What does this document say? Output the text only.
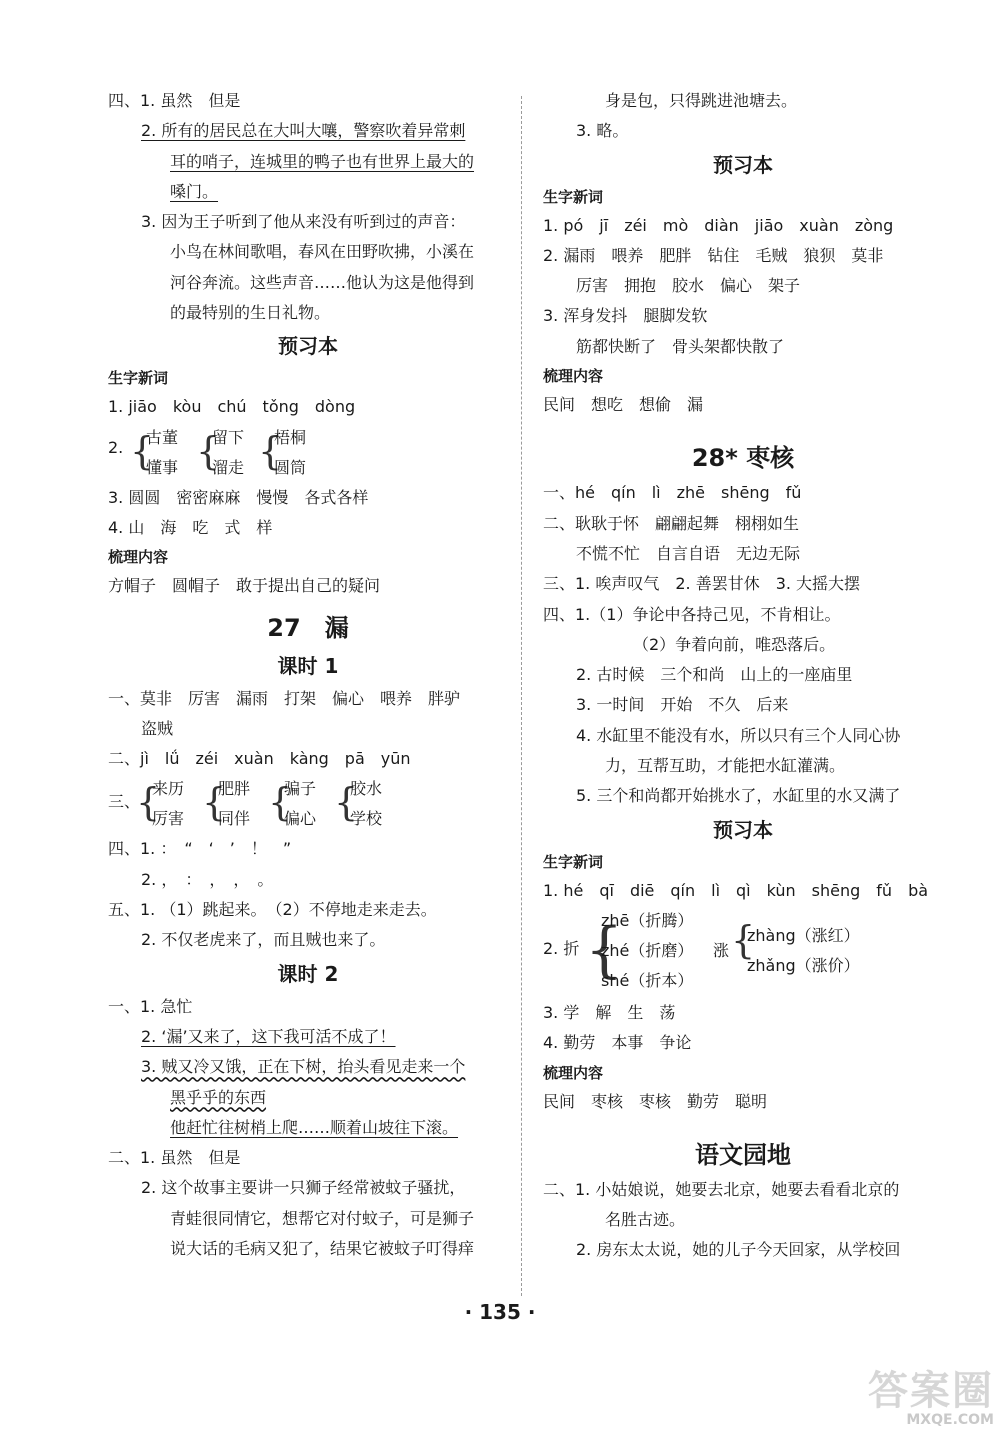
四、1. 虽然　但是
2. 所有的居民总在大叫大嚷，警察吹着异常刺
耳的哨子，连城里的鸭子也有世界上最大的
嗓门。
3. 因为王子听到了他从来没有听到过的声音：
小鸟在林间歌唱，春风在田野吹拂，小溪在
河谷奔流。这些声音……他认为这是他得到
的最特别的生日礼物。
预习本
生字新词
1. jiāo　kòu　chú　tǒng　dòng
2. {
古董
懂事 {
留下
溜走 {
梧桐
圆筒
3. 圆圆　密密麻麻　慢慢　各式各样
4. 山　海　吃　式　样
梳理内容
方帽子　圆帽子　敢于提出自己的疑问
27　漏
课时 1
一、莫非　厉害　漏雨　打架　偏心　喂养　胖驴
盗贼
二、jì　lǘ　zéi　xuàn　kàng　pā　yūn
三、
{
来历
厉害 {
肥胖
同伴 {
骗子
偏心 {
胶水
学校
四、1. ：　“　‘　’　！　”
2. ，　：　，　，　。
五、1. （1）跳起来。　（2）不停地走来走去。
2. 不仅老虎来了，而且贼也来了。
课时 2
一、1. 急忙
2. ‘漏’又来了，这下我可活不成了！
3. 贼又冷又饿，正在下树，抬头看见走来一个
黑乎乎的东西
他赶忙往树梢上爬……顺着山坡往下滚。
二、1. 虽然　但是
2. 这个故事主要讲一只狮子经常被蚊子骚扰，
青蛙很同情它，想帮它对付蚊子，可是狮子
说大话的毛病又犯了，结果它被蚊子叮得痒
身是包，只得跳进池塘去。
3. 略。
预习本
生字新词
1. pó　jī　zéi　mò　diàn　jiāo　xuàn　zòng
2. 漏雨　喂养　肥胖　钻住　毛贼　狼狈　莫非
厉害　拥抱　胶水　偏心　架子
3. 浑身发抖　腿脚发软
筋都快断了　骨头架都快散了
梳理内容
民间　想吃　想偷　漏
28* 枣核
一、hé　qín　lì　zhē　shēng　fǔ
二、耿耿于怀　翩翩起舞　栩栩如生
不慌不忙　自言自语　无边无际
三、1. 唉声叹气　2. 善罢甘休　3. 大摇大摆
四、1.（1）争论中各持己见，不肯相让。
（2）争着向前，唯恐落后。
2. 古时候　三个和尚　山上的一座庙里
3. 一时间　开始　不久　后来
4. 水缸里不能没有水，所以只有三个人同心协
力，互帮互助，才能把水缸灌满。
5. 三个和尚都开始挑水了，水缸里的水又满了
预习本
生字新词
1. hé　qī　diē　qín　lì　qì　kùn　shēng　fǔ　bà
2. 折 {
zhē（折腾）
zhé（折磨）
shé（折本）
涨 {
zhàng（涨红）
zhǎng（涨价）
3. 学　解　生　荡
4. 勤劳　本事　争论
梳理内容
民间　枣核　枣核　勤劳　聪明
语文园地
二、1. 小姑娘说，她要去北京，她要去看看北京的
名胜古迹。
2. 房东太太说，她的儿子今天回家，从学校回
· 135 ·
答案圈
MXQE.COM
